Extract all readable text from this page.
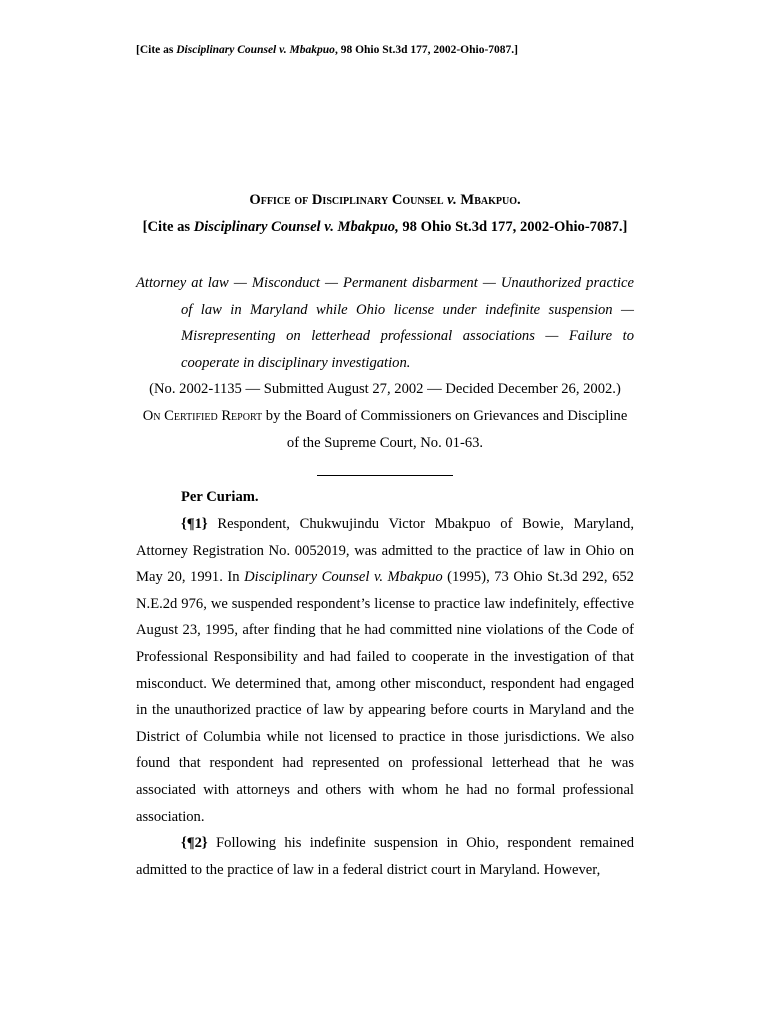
[Cite as Disciplinary Counsel v. Mbakpuo, 98 Ohio St.3d 177, 2002-Ohio-7087.]
Office of Disciplinary Counsel v. Mbakpuo.
[Cite as Disciplinary Counsel v. Mbakpuo, 98 Ohio St.3d 177, 2002-Ohio-7087.]
Attorney at law — Misconduct — Permanent disbarment — Unauthorized practice of law in Maryland while Ohio license under indefinite suspension — Misrepresenting on letterhead professional associations — Failure to cooperate in disciplinary investigation.
(No. 2002-1135 — Submitted August 27, 2002 — Decided December 26, 2002.)
On Certified Report by the Board of Commissioners on Grievances and Discipline of the Supreme Court, No. 01-63.
Per Curiam.

{¶1} Respondent, Chukwujindu Victor Mbakpuo of Bowie, Maryland, Attorney Registration No. 0052019, was admitted to the practice of law in Ohio on May 20, 1991. In Disciplinary Counsel v. Mbakpuo (1995), 73 Ohio St.3d 292, 652 N.E.2d 976, we suspended respondent’s license to practice law indefinitely, effective August 23, 1995, after finding that he had committed nine violations of the Code of Professional Responsibility and had failed to cooperate in the investigation of that misconduct. We determined that, among other misconduct, respondent had engaged in the unauthorized practice of law by appearing before courts in Maryland and the District of Columbia while not licensed to practice in those jurisdictions. We also found that respondent had represented on professional letterhead that he was associated with attorneys and others with whom he had no formal professional association.

{¶2} Following his indefinite suspension in Ohio, respondent remained admitted to the practice of law in a federal district court in Maryland. However,
